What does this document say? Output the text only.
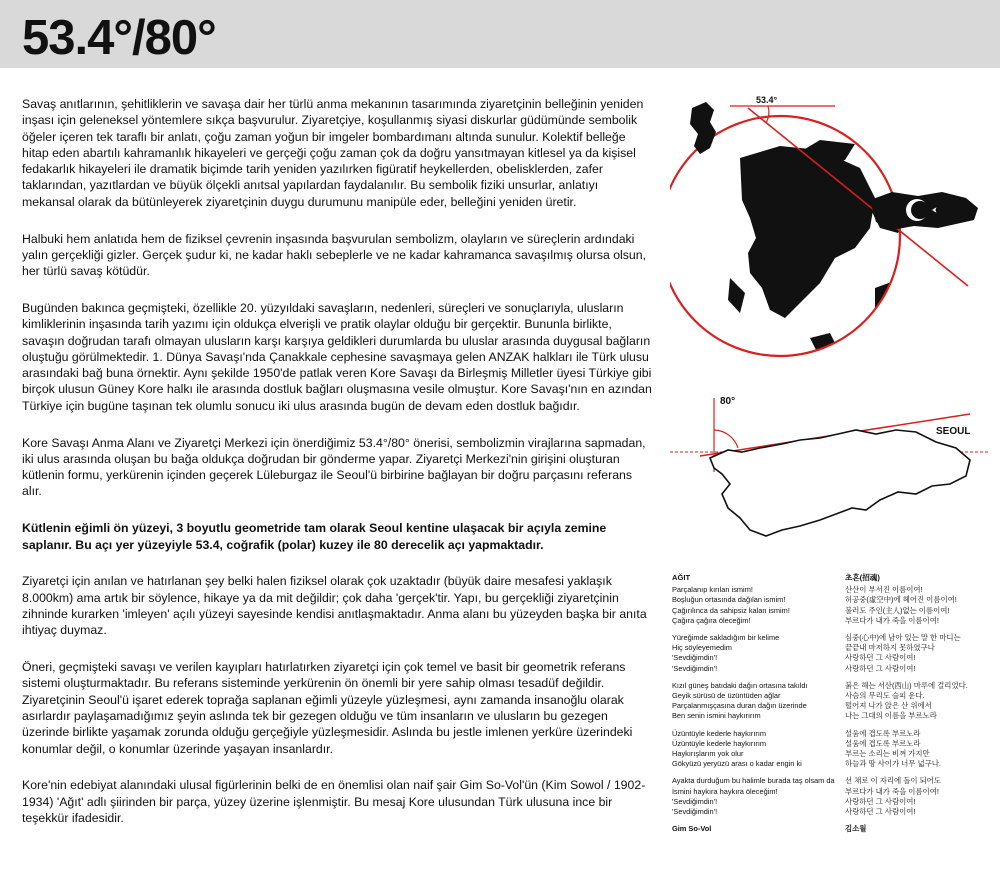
53.4°/80°

Savaş anıtlarının, şehitliklerin ve savaşa dair her türlü anma mekanının tasarımında ziyaretçinin belleğinin yeniden inşası için geleneksel yöntemlere sıkça başvurulur. Ziyaretçiye, koşullanmış siyasi diskurlar güdümünde sembolik öğeler içeren tek taraflı bir anlatı, çoğu zaman yoğun bir imgeler bombardımanı altında sunulur. Kolektif belleğe hitap eden abartılı kahramanlık hikayeleri ve gerçeği çoğu zaman çok da doğru yansıtmayan kitlesel ya da kişisel fedakarlık hikayeleri ile dramatik biçimde tarih yeniden yazılırken figüratif heykellerden, obelisklerden, zafer taklarından, yazıtlardan ve büyük ölçekli anıtsal yapılardan faydalanılır. Bu sembolik fiziki unsurlar, anlatıyı mekansal olarak da bütünleyerek ziyaretçinin duygu durumunu manipüle eder, belleğini yeniden üretir.

Halbuki hem anlatıda hem de fiziksel çevrenin inşasında başvurulan sembolizm, olayların ve süreçlerin ardındaki yalın gerçekliği gizler. Gerçek şudur ki, ne kadar haklı sebeplerle ve ne kadar kahramanca savaşılmış olursa olsun, her türlü savaş kötüdür.

Bugünden bakınca geçmişteki, özellikle 20. yüzyıldaki savaşların, nedenleri, süreçleri ve sonuçlarıyla, ulusların kimliklerinin inşasında tarih yazımı için oldukça elverişli ve pratik olaylar olduğu bir gerçektir. Bununla birlikte, savaşın doğrudan tarafı olmayan ulusların karşı karşıya geldikleri durumlarda bu uluslar arasında duygusal bağların oluştuğu görülmektedir. 1. Dünya Savaşı'nda Çanakkale cephesine savaşmaya gelen ANZAK halkları ile Türk ulusu arasındaki bağ buna örnektir. Aynı şekilde 1950'de patlak veren Kore Savaşı da Birleşmiş Milletler üyesi Türkiye gibi birçok ulusun Güney Kore halkı ile arasında dostluk bağları oluşmasına vesile olmuştur. Kore Savaşı'nın en azından Türkiye için bugüne taşınan tek olumlu sonucu iki ulus arasında bugün de devam eden dostluk bağıdır.

Kore Savaşı Anma Alanı ve Ziyaretçi Merkezi için önerdiğimiz 53.4°/80° önerisi, sembolizmin virajlarına sapmadan, iki ulus arasında oluşan bu bağa oldukça doğrudan bir gönderme yapar. Ziyaretçi Merkezi'nin girişini oluşturan kütlenin formu, yerkürenin içinden geçerek Lüleburgaz ile Seoul'ü birbirine bağlayan bir doğru parçasını referans alır.

Kütlenin eğimli ön yüzeyi, 3 boyutlu geometride tam olarak Seoul kentine ulaşacak bir açıyla zemine saplanır. Bu açı yer yüzeyiyle 53.4, coğrafik (polar) kuzey ile 80 derecelik açı yapmaktadır.

Ziyaretçi için anılan ve hatırlanan şey belki halen fiziksel olarak çok uzaktadır (büyük daire mesafesi yaklaşık 8.000km) ama artık bir söylence, hikaye ya da mit değildir; çok daha 'gerçek'tir. Yapı, bu gerçekliği ziyaretçinin zihninde kurarken 'imleyen' açılı yüzeyi sayesinde kendisi anıtlaşmaktadır. Anma alanı bu yüzeyden başka bir anıta ihtiyaç duymaz.

Öneri, geçmişteki savaşı ve verilen kayıpları hatırlatırken ziyaretçi için çok temel ve basit bir geometrik referans sistemi oluşturmaktadır. Bu referans sisteminde yerkürenin ön önemli bir yere sahip olması tesadüf değildir. Ziyaretçinin Seoul'ü işaret ederek toprağa saplanan eğimli yüzeyle yüzleşmesi, aynı zamanda insanoğlu olarak asırlardır paylaşamadığımız şeyin aslında tek bir gezegen olduğu ve tüm insanların ve ulusların bu gezegen üzerinde birlikte yaşamak zorunda olduğu gerçeğiyle yüzleşmesidir. Aslında bu jestle imlenen yerküre üzerindeki konumlar değil, o konumlar üzerinde yaşayan insanlardır.

Kore'nin edebiyat alanındaki ulusal figürlerinin belki de en önemlisi olan naif şair Gim So-Vol'ün (Kim Sowol / 1902-1934) 'Ağıt' adlı şiirinden bir parça, yüzey üzerine işlenmiştir. Bu mesaj Kore ulusundan Türk ulusuna ince bir teşekkür ifadesidir.

53.4°
80°
SEOUL
AĞIT
Parçalanıp kırılan ismim!
Boşluğun ortasında dağılan ismim!
Çağırılınca da sahipsiz kalan ismim!
Çağıra çağıra öleceğim!
Yüreğimde sakladığım bir kelime
Hiç söyleyemedim
'Sevdiğimdin'!
'Sevdiğimdin'!
Kızıl güneş batıdaki dağın ortasına takıldı
Geyik sürüsü de üzüntüden ağlar
Parçalanmışçasına duran dağın üzerinde
Ben senin ismini haykırırım
Üzüntüyle kederle haykırırım
Üzüntüyle kederle haykırırım
Haykırışlarım yok olur
Gökyüzü yeryüzü arası o kadar engin ki
Ayakta durduğum bu halimle burada taş olsam da
İsmini haykıra haykıra öleceğim!
'Sevdiğimdin'!
'Sevdiğimdin'!
Gim So-Vol
초혼(招魂)
산산이 부서진 이름이여!
허공중(虛空中)에 헤어진 이름이여!
불러도 주인(主人)없는 이름이여!
부르다가 내가 죽을 이름이여!
심중(心中)에 남아 있는 말 한 마디는
끝끝내 마저하지 못하였구나
사랑하던 그 사람이여!
사랑하던 그 사람이여!
붉은 해는 서산(西山) 마루에 걸리었다.
사슴의 무리도 슬피 운다.
떨어져 나가 앉은 산 위에서
나는 그대의 이름을 부르노라
설움에 겹도록 부르노라
설움에 겹도록 부르노라
부르는 소리는 비껴 가지만
하늘과 땅 사이가 너무 넓구나.
선 채로 이 자리에 돌이 되어도
부르다가 내가 죽을 이름이여!
사랑하던 그 사람이여!
사랑하던 그 사람이여!
김소월
